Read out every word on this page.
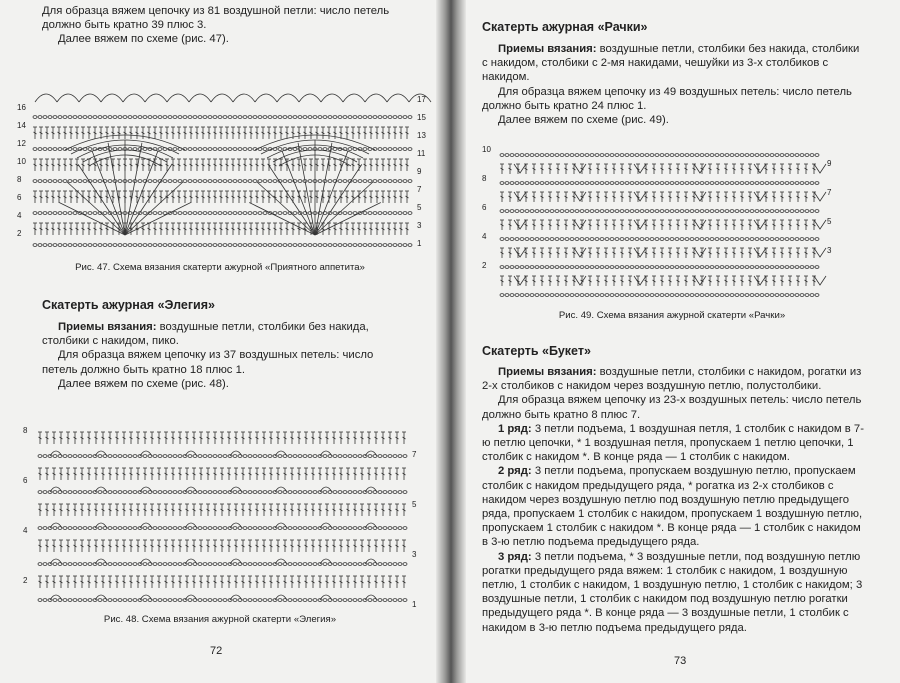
Для образца вяжем цепочку из 81 воздушной петли: число петель должно быть кратно 39 плюс 3.

Далее вяжем по схеме (рис. 47).

16
14
12
10
8
6
4
2
17
15
13
11
9
7
5
3
1
Рис. 47. Схема вязания скатерти ажурной «Приятного аппетита»
Скатерть ажурная «Элегия»

Приемы вязания: воздушные петли, столбики без накида, столбики с накидом, пико.

Для образца вяжем цепочку из 37 воздушных петель: число петель должно быть кратно 18 плюс 1.

Далее вяжем по схеме (рис. 48).

8
6
4
2
7
5
3
1
Рис. 48. Схема вязания ажурной скатерти «Элегия»
72
Скатерть ажурная «Рачки»

Приемы вязания: воздушные петли, столбики без накида, столбики с накидом, столбики с 2-мя накидами, чешуйки из 3-х столбиков с накидом.

Для образца вяжем цепочку из 49 воздушных петель: число петель должно быть кратно 24 плюс 1.

Далее вяжем по схеме (рис. 49).

10
8
6
4
2
9
7
5
3
Рис. 49. Схема вязания ажурной скатерти «Рачки»
Скатерть «Букет»

Приемы вязания: воздушные петли, столбики с накидом, рогатки из 2-х столбиков с накидом через воздушную петлю, полустолбики.

Для образца вяжем цепочку из 23-х воздушных петель: число петель должно быть кратно 8 плюс 7.

1 ряд: 3 петли подъема, 1 воздушная петля, 1 столбик с накидом в 7-ю петлю цепочки, * 1 воздушная петля, пропускаем 1 петлю цепочки, 1 столбик с накидом *. В конце ряда — 1 столбик с накидом.

2 ряд: 3 петли подъема, пропускаем воздушную петлю, пропускаем столбик с накидом предыдущего ряда, * рогатка из 2-х столбиков с накидом через воздушную петлю под воздушную петлю предыдущего ряда, пропускаем 1 столбик с накидом, пропускаем 1 воздушную петлю, пропускаем 1 столбик с накидом *. В конце ряда — 1 столбик с накидом в 3-ю петлю подъема предыдущего ряда.

3 ряд: 3 петли подъема, * 3 воздушные петли, под воздушную петлю рогатки предыдущего ряда вяжем: 1 столбик с накидом, 1 воздушную петлю, 1 столбик с накидом, 1 воздушную петлю, 1 столбик с накидом; 3 воздушные петли, 1 столбик с накидом под воздушную петлю рогатки предыдущего ряда *. В конце ряда — 3 воздушные петли, 1 столбик с накидом в 3-ю петлю подъема предыдущего ряда.

73
